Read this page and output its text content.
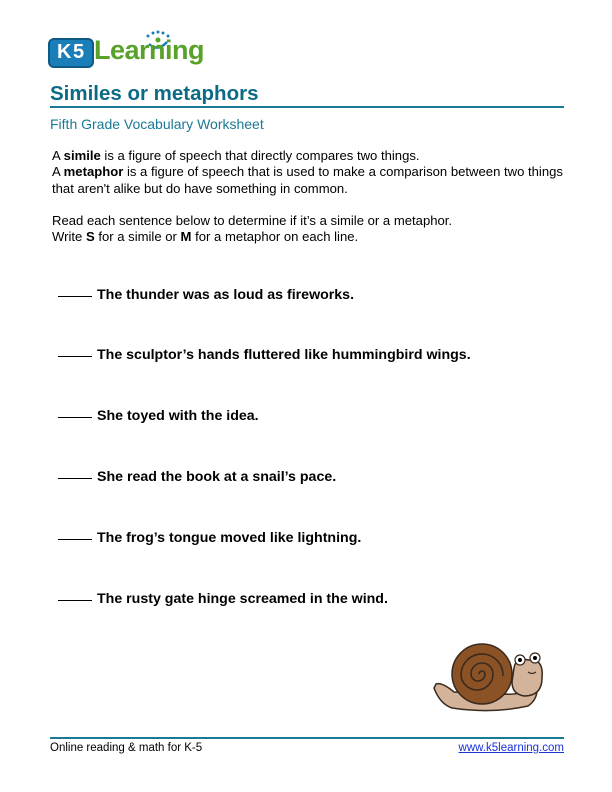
K 5 Learning
Similes or metaphors
Fifth Grade Vocabulary Worksheet

A simile is a figure of speech that directly compares two things.

A metaphor is a figure of speech that is used to make a comparison between two things that aren't alike but do have something in common.

Read each sentence below to determine if it’s a simile or a metaphor.

Write S for a simile or M for a metaphor on each line.

The thunder was as loud as fireworks.
The sculptor’s hands fluttered like hummingbird wings.
She toyed with the idea.
She read the book at a snail’s pace.
The frog’s tongue moved like lightning.
The rusty gate hinge screamed in the wind.
Online reading & math for K-5	www.k5learning.com
